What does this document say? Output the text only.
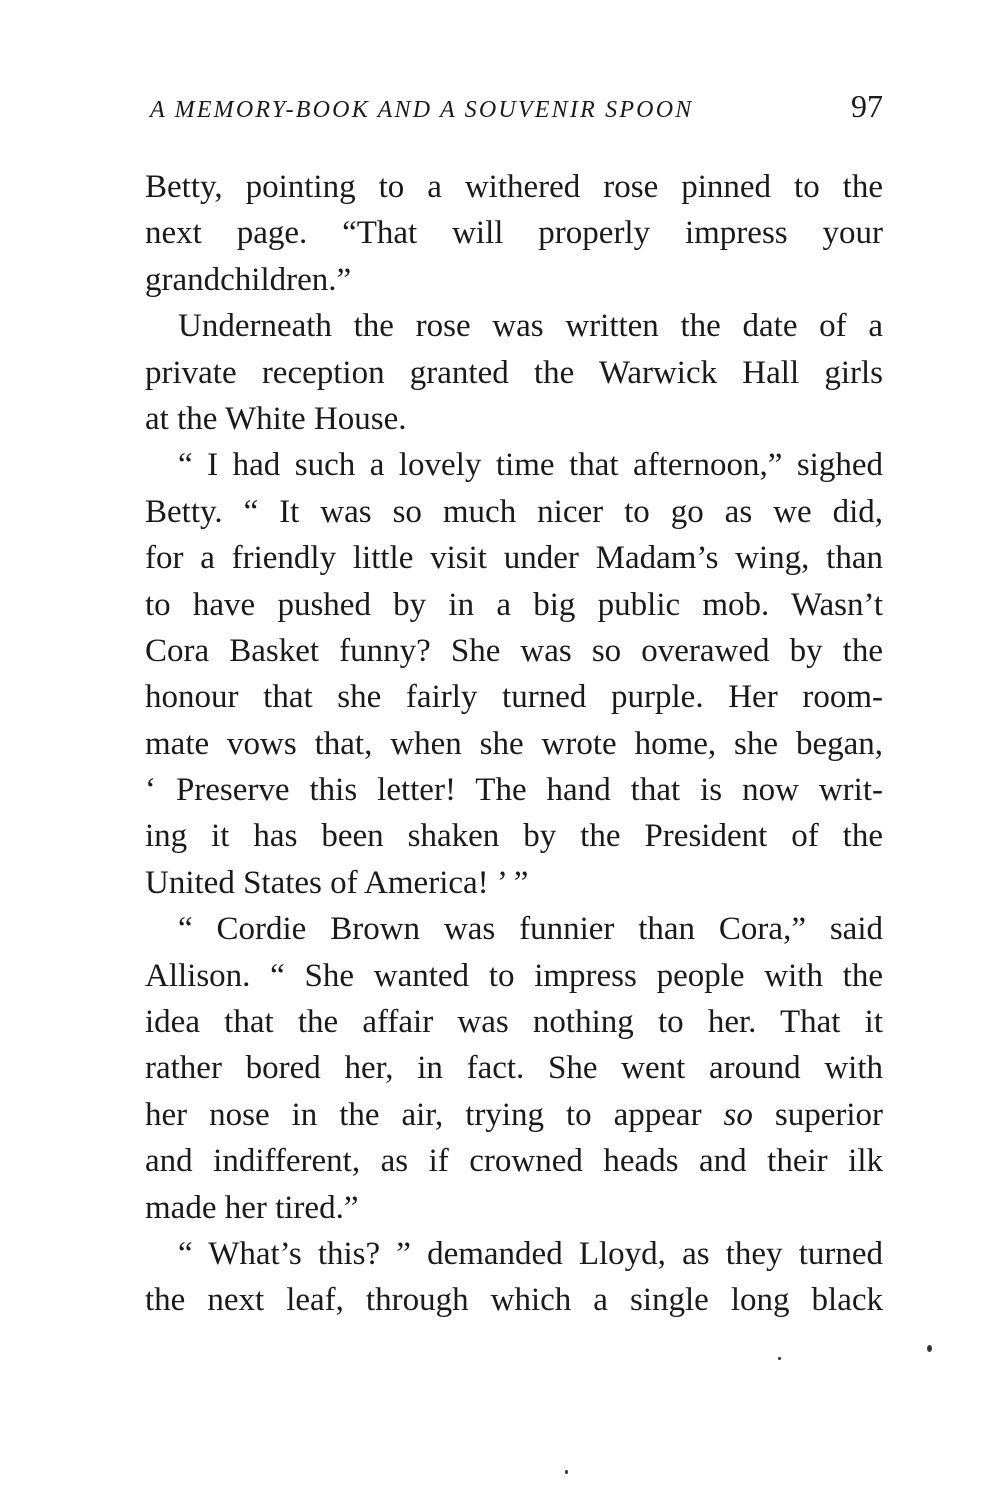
A MEMORY-BOOK AND A SOUVENIR SPOON	97
Betty, pointing to a withered rose pinned to the
next page. “That will properly impress your
grandchildren.”
Underneath the rose was written the date of a
private reception granted the Warwick Hall girls
at the White House.
“ I had such a lovely time that afternoon,” sighed
Betty. “ It was so much nicer to go as we did,
for a friendly little visit under Madam’s wing, than
to have pushed by in a big public mob. Wasn’t
Cora Basket funny? She was so overawed by the
honour that she fairly turned purple. Her room-
mate vows that, when she wrote home, she began,
‘ Preserve this letter! The hand that is now writ-
ing it has been shaken by the President of the
United States of America! ’ ”
“ Cordie Brown was funnier than Cora,” said
Allison. “ She wanted to impress people with the
idea that the affair was nothing to her. That it
rather bored her, in fact. She went around with
her nose in the air, trying to appear so superior
and indifferent, as if crowned heads and their ilk
made her tired.”
“ What’s this? ” demanded Lloyd, as they turned
the next leaf, through which a single long black
